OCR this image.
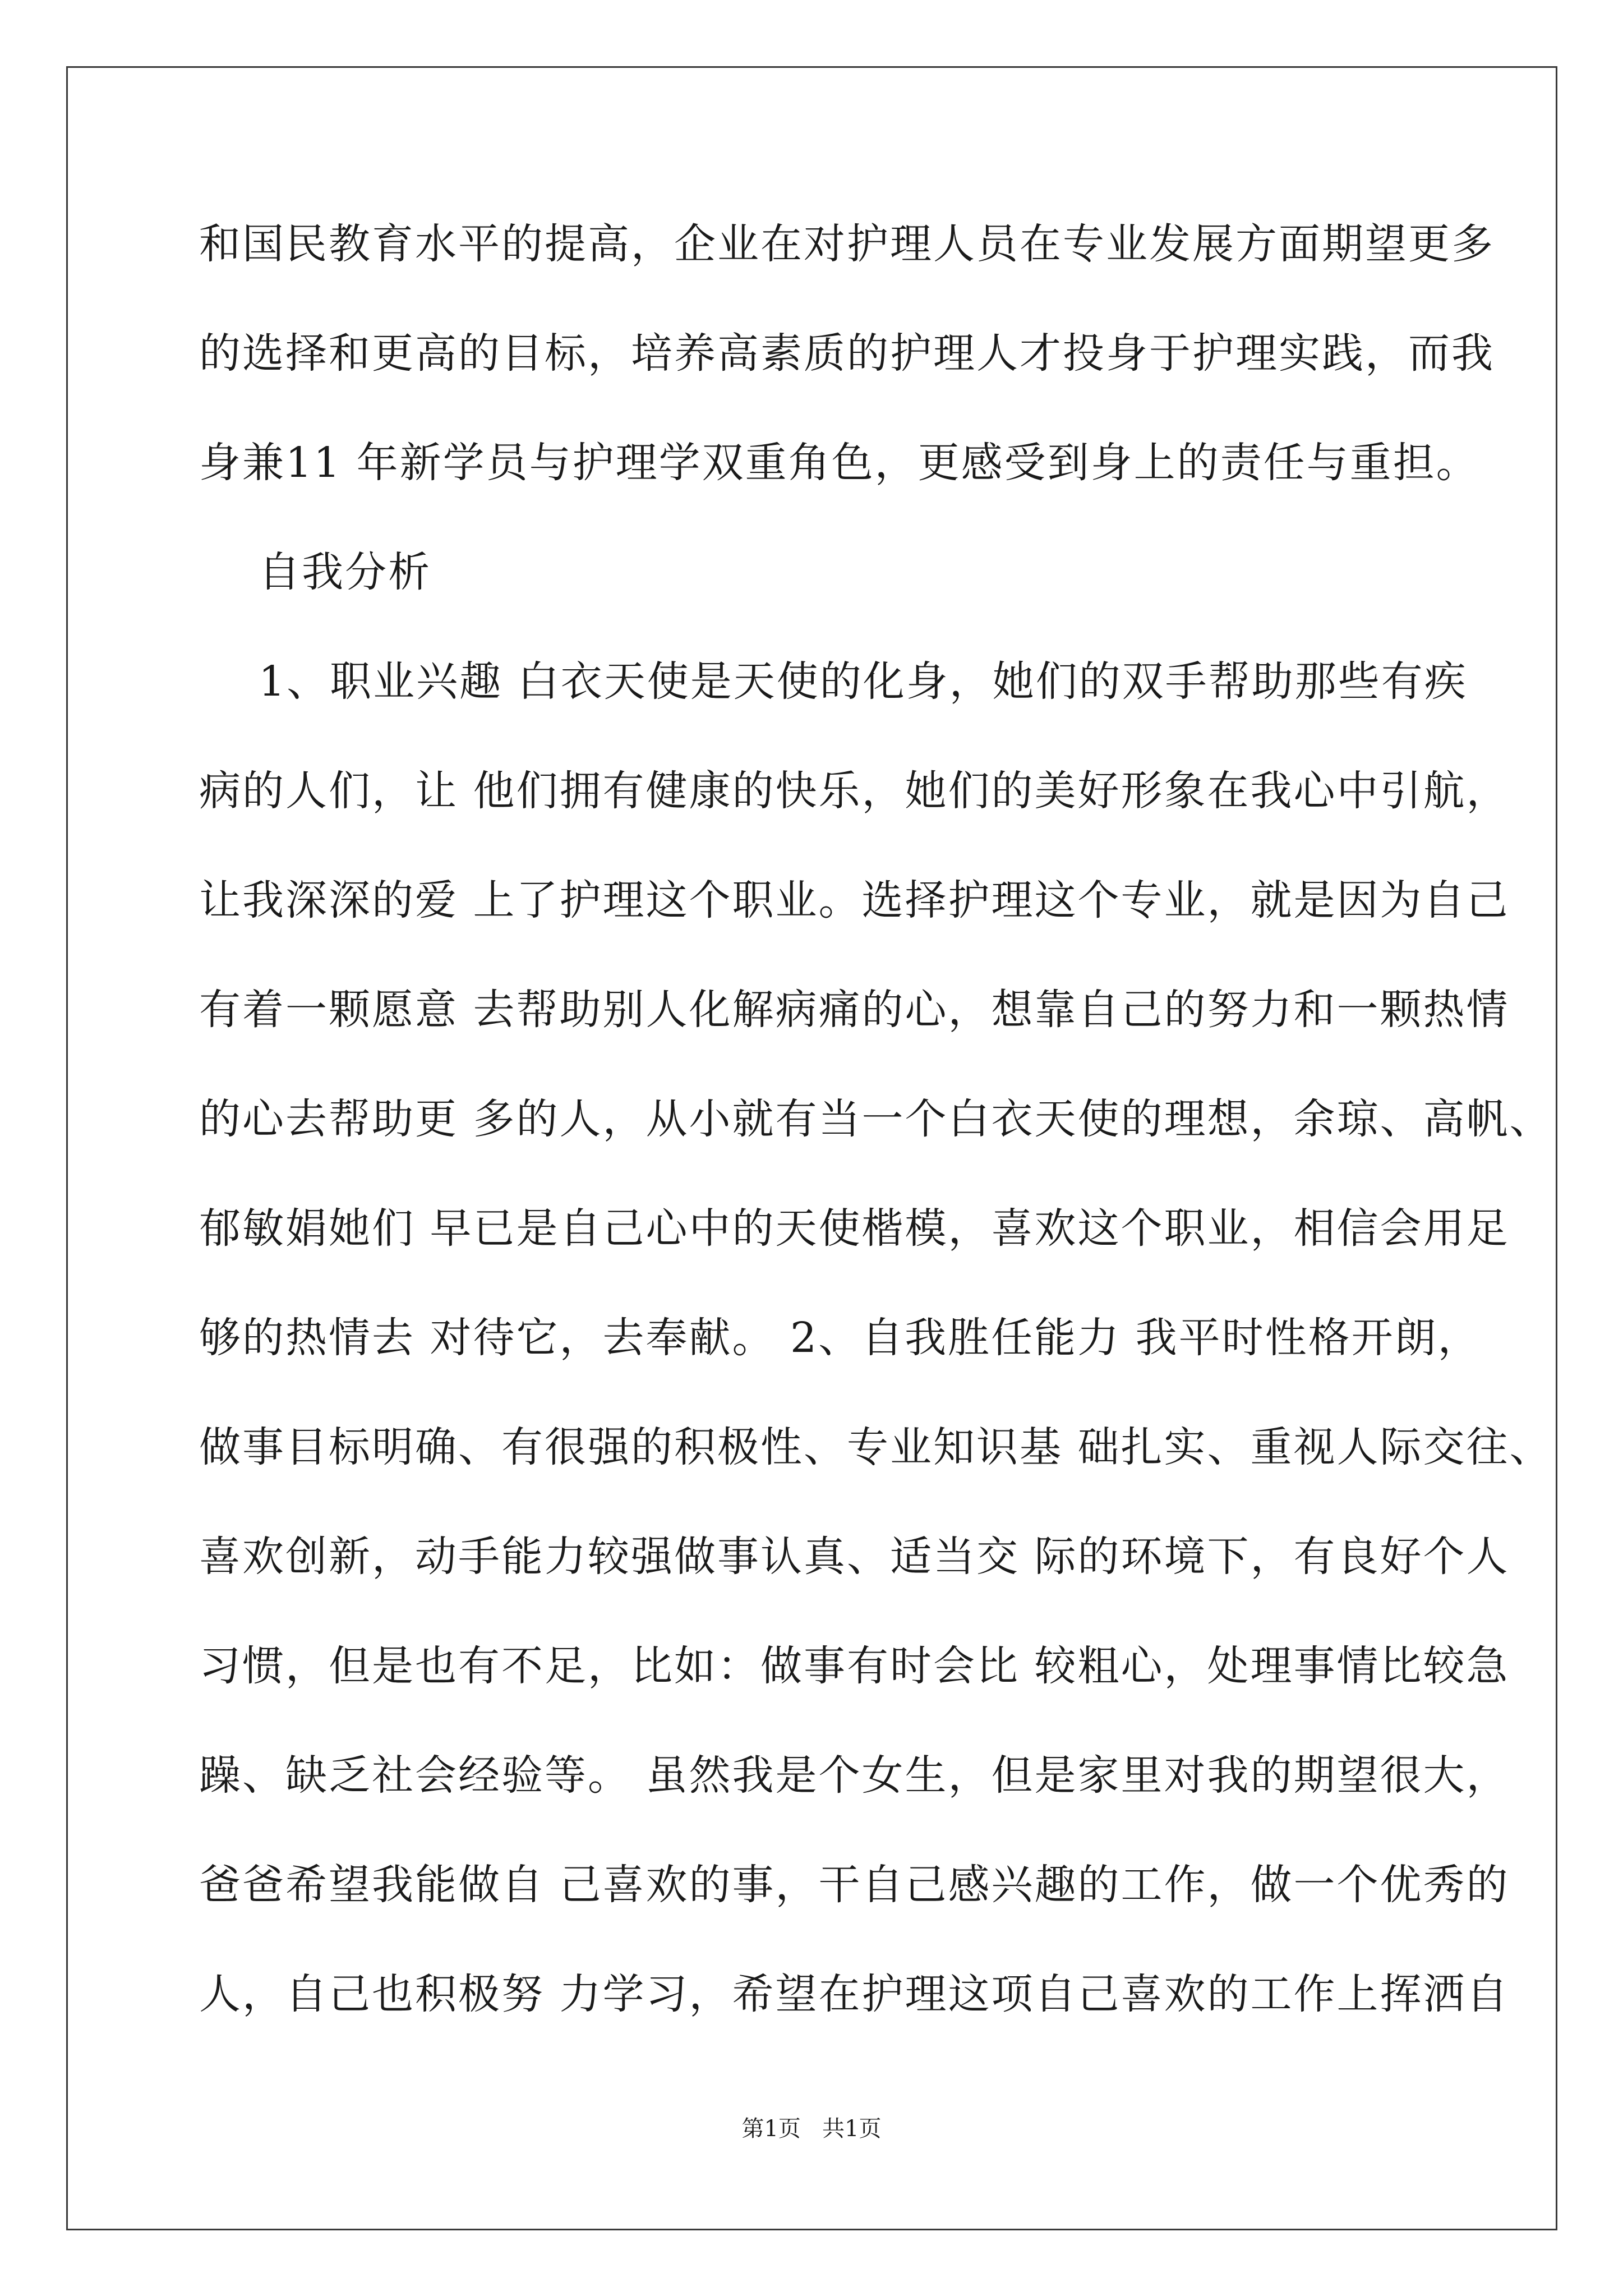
和国民教育水平的提高，企业在对护理人员在专业发展方面期望更多
的选择和更高的目标，培养高素质的护理人才投身于护理实践，而我
身兼11 年新学员与护理学双重角色，更感受到身上的责任与重担。
自我分析
1、职业兴趣 白衣天使是天使的化身，她们的双手帮助那些有疾
病的人们，让 他们拥有健康的快乐，她们的美好形象在我心中引航，
让我深深的爱 上了护理这个职业。选择护理这个专业，就是因为自己
有着一颗愿意 去帮助别人化解病痛的心，想靠自己的努力和一颗热情
的心去帮助更 多的人，从小就有当一个白衣天使的理想，余琼、高帆、
郁敏娟她们 早已是自己心中的天使楷模，喜欢这个职业，相信会用足
够的热情去 对待它，去奉献。 2、自我胜任能力 我平时性格开朗，
做事目标明确、有很强的积极性、专业知识基 础扎实、重视人际交往、
喜欢创新，动手能力较强做事认真、适当交 际的环境下，有良好个人
习惯，但是也有不足，比如：做事有时会比 较粗心，处理事情比较急
躁、缺乏社会经验等。 虽然我是个女生，但是家里对我的期望很大，
爸爸希望我能做自 己喜欢的事，干自己感兴趣的工作，做一个优秀的
人，自己也积极努 力学习，希望在护理这项自己喜欢的工作上挥洒自
第1页   共1页
